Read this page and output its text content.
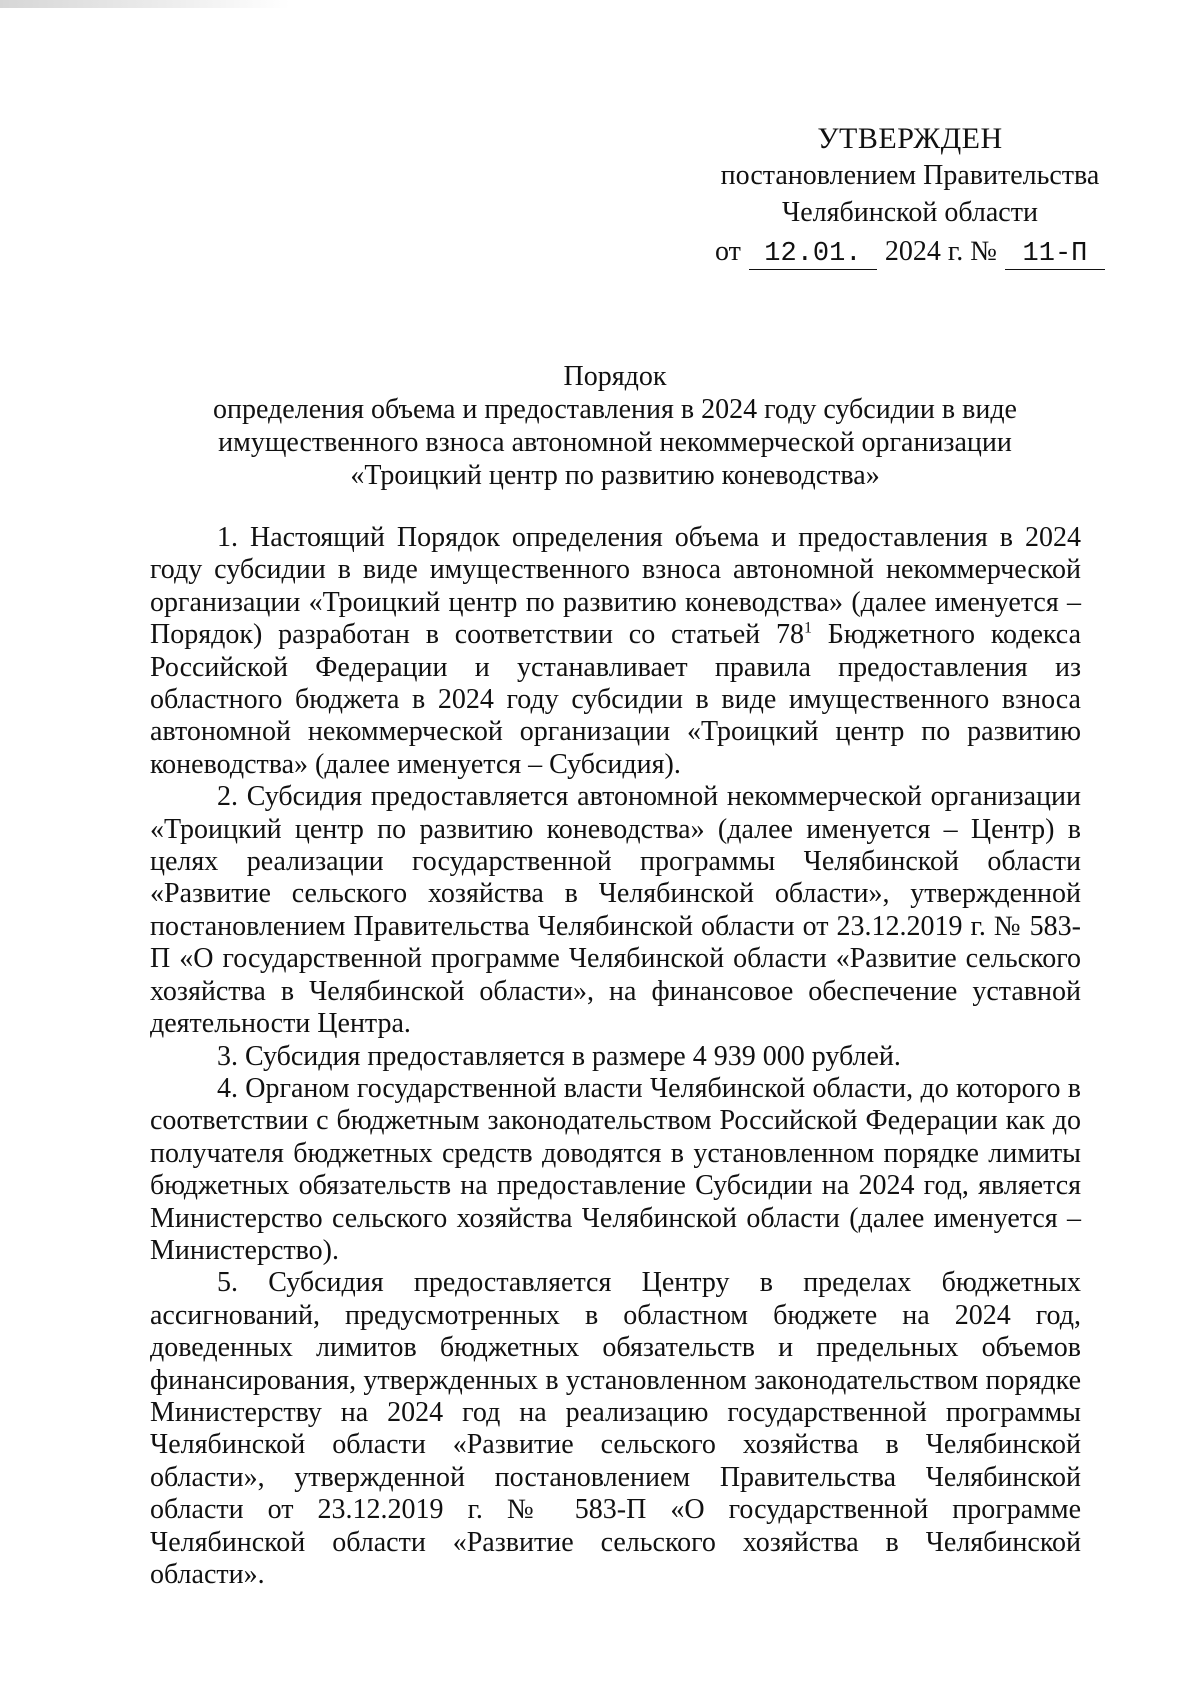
УТВЕРЖДЕН
постановлением Правительства
Челябинской области
от 12.01. 2024 г. № 11-П
Порядок
определения объема и предоставления в 2024 году субсидии в виде
имущественного взноса автономной некоммерческой организации
«Троицкий центр по развитию коневодства»

1. Настоящий Порядок определения объема и предоставления в 2024 году субсидии в виде имущественного взноса автономной некоммерческой организации «Троицкий центр по развитию коневодства» (далее именуется – Порядок) разработан в соответствии со статьей $78^1$ Бюджетного кодекса Российской Федерации и устанавливает правила предоставления из областного бюджета в 2024 году субсидии в виде имущественного взноса автономной некоммерческой организации «Троицкий центр по развитию коневодства» (далее именуется – Субсидия).

2. Субсидия предоставляется автономной некоммерческой организации «Троицкий центр по развитию коневодства» (далее именуется – Центр) в целях реализации государственной программы Челябинской области «Развитие сельского хозяйства в Челябинской области», утвержденной постановлением Правительства Челябинской области от 23.12.2019 г. № 583-П «О государственной программе Челябинской области «Развитие сельского хозяйства в Челябинской области», на финансовое обеспечение уставной деятельности Центра.

3. Субсидия предоставляется в размере 4 939 000 рублей.

4. Органом государственной власти Челябинской области, до которого в соответствии с бюджетным законодательством Российской Федерации как до получателя бюджетных средств доводятся в установленном порядке лимиты бюджетных обязательств на предоставление Субсидии на 2024 год, является Министерство сельского хозяйства Челябинской области (далее именуется – Министерство).

5. Субсидия предоставляется Центру в пределах бюджетных ассигнований, предусмотренных в областном бюджете на 2024 год, доведенных лимитов бюджетных обязательств и предельных объемов финансирования, утвержденных в установленном законодательством порядке Министерству на 2024 год на реализацию государственной программы Челябинской области «Развитие сельского хозяйства в Челябинской области», утвержденной постановлением Правительства Челябинской области от 23.12.2019 г. № 583-П «О государственной программе Челябинской области «Развитие сельского хозяйства в Челябинской области».
